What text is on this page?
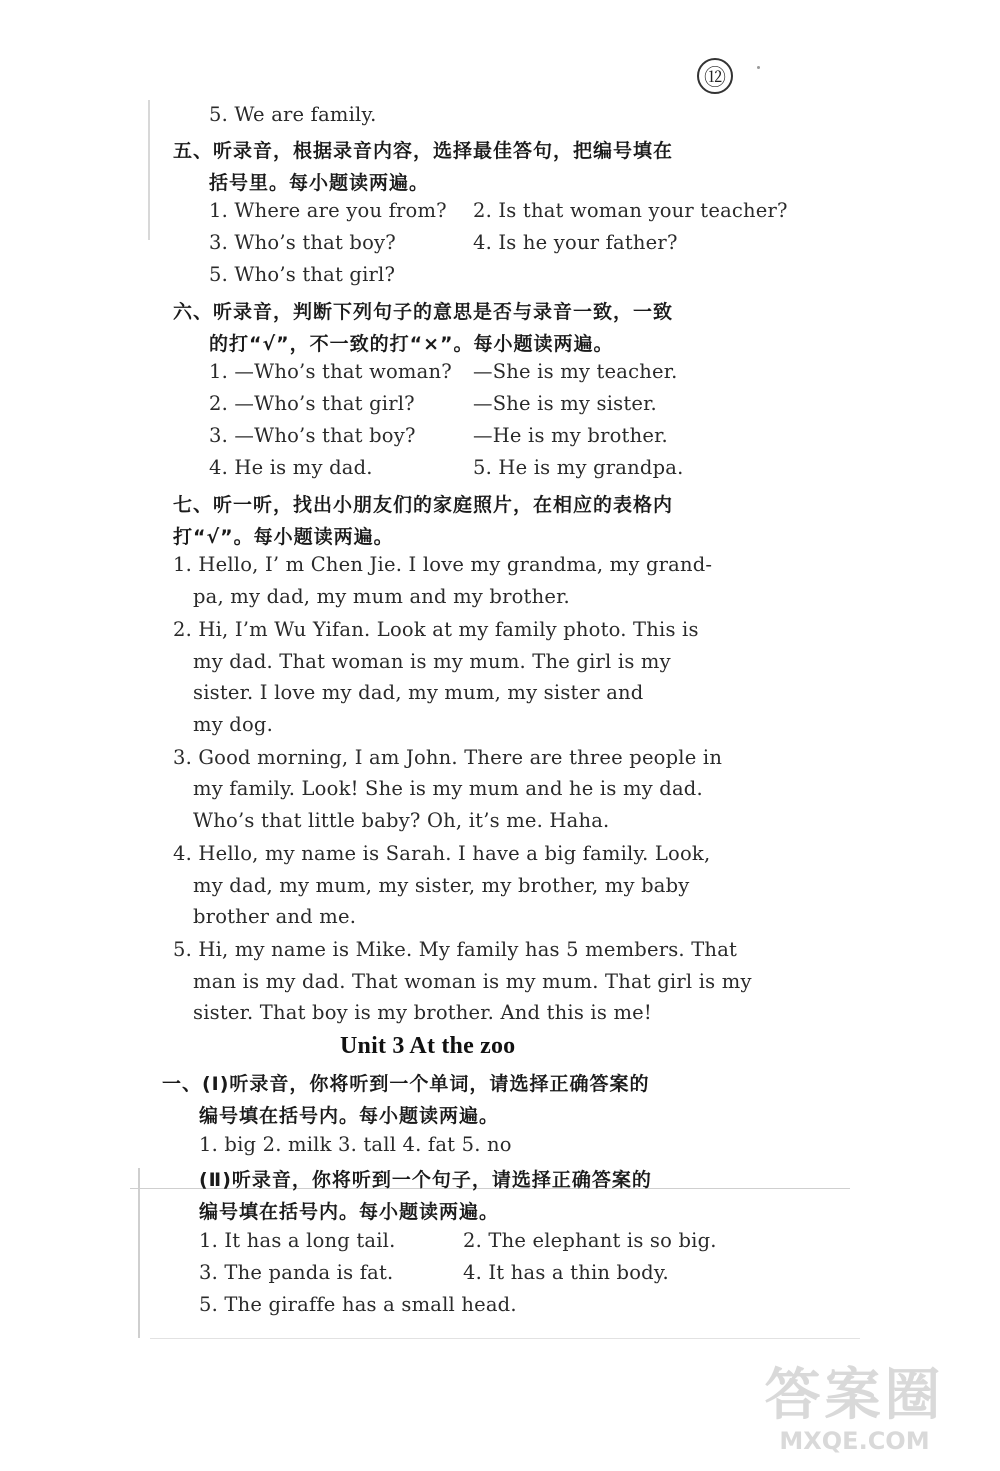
⑫
5. We are family.
五、听录音，根据录音内容，选择最佳答句，把编号填在
括号里。每小题读两遍。
1. Where are you from? 2. Is that woman your teacher?
3. Who’s that boy?	4. Is he your father?
5. Who’s that girl?
六、听录音，判断下列句子的意思是否与录音一致，一致
的打“√”，不一致的打“×”。每小题读两遍。
1. —Who’s that woman? —She is my teacher.
2. —Who’s that girl?	—She is my sister.
3. —Who’s that boy?	—He is my brother.
4. He is my dad.	5. He is my grandpa.
七、听一听，找出小朋友们的家庭照片，在相应的表格内
打“√”。每小题读两遍。
1. Hello, I’ m Chen Jie. I love my grandma, my grand-
pa, my dad, my mum and my brother.
2. Hi, I’m Wu Yifan. Look at my family photo. This is
my dad. That woman is my mum. The girl is my
sister. I love my dad, my mum, my sister and
my dog.
3. Good morning, I am John. There are three people in
my family. Look! She is my mum and he is my dad.
Who’s that little baby? Oh, it’s me. Haha.
4. Hello, my name is Sarah. I have a big family. Look,
my dad, my mum, my sister, my brother, my baby
brother and me.
5. Hi, my name is Mike. My family has 5 members. That
man is my dad. That woman is my mum. That girl is my
sister. That boy is my brother. And this is me!
Unit 3 At the zoo
一、(Ⅰ)听录音，你将听到一个单词，请选择正确答案的
编号填在括号内。每小题读两遍。
1. big 2. milk 3. tall 4. fat 5. no
(Ⅱ)听录音，你将听到一个句子，请选择正确答案的
编号填在括号内。每小题读两遍。
1. It has a long tail.	2. The elephant is so big.
3. The panda is fat.	4. It has a thin body.
5. The giraffe has a small head.
答案圈
MXQE.COM
